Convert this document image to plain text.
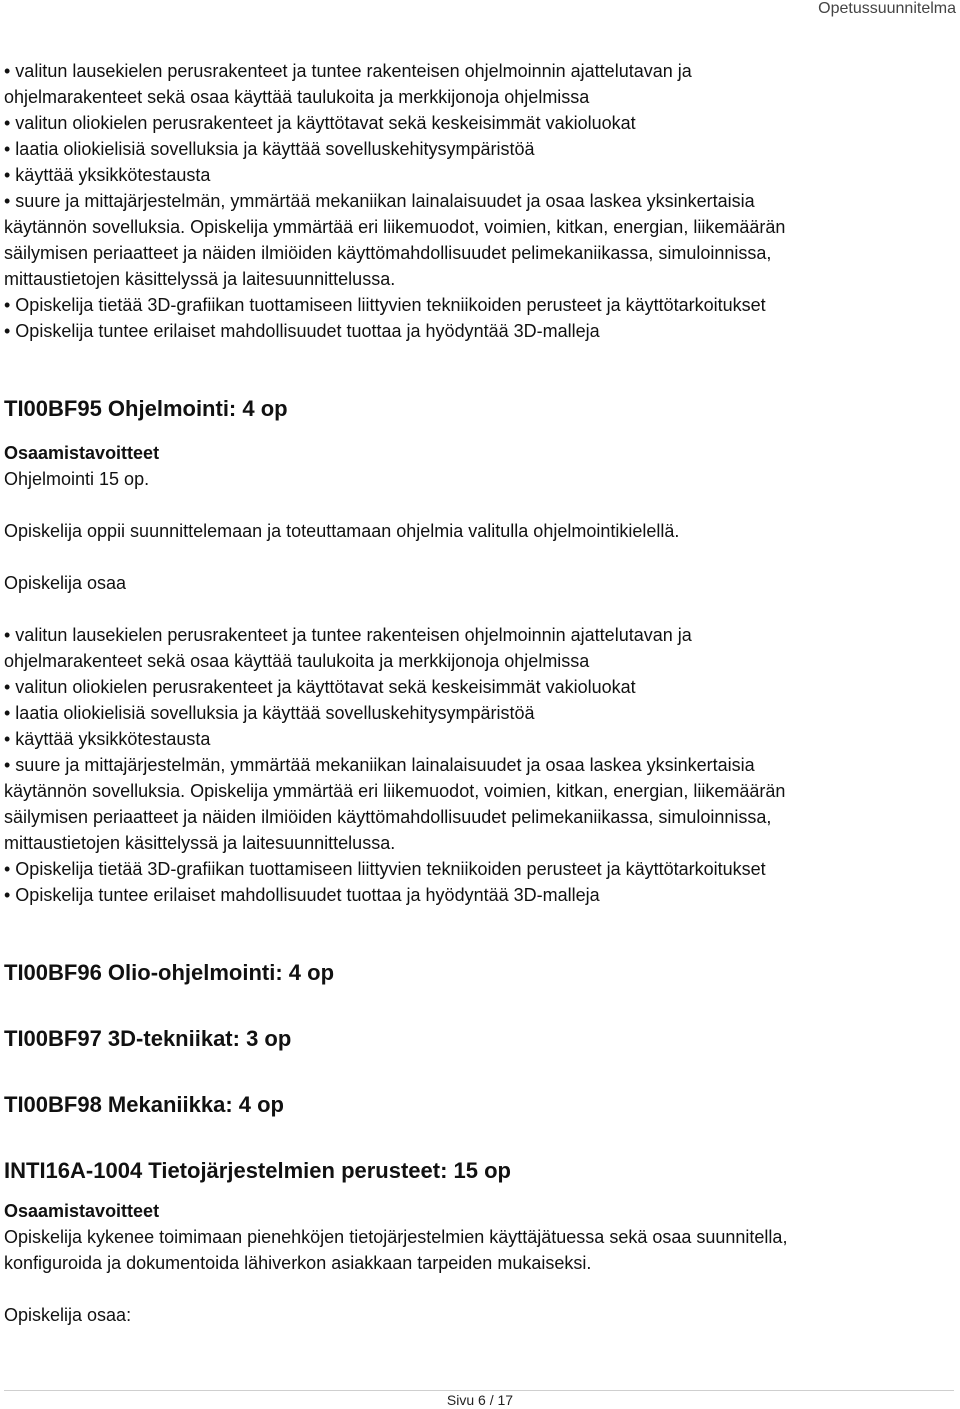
Opetussuunnitelma
• valitun lausekielen perusrakenteet ja tuntee rakenteisen ohjelmoinnin ajattelutavan ja
ohjelmarakenteet sekä osaa käyttää taulukoita ja merkkijonoja ohjelmissa
• valitun oliokielen perusrakenteet ja käyttötavat sekä keskeisimmät vakioluokat
• laatia oliokielisiä sovelluksia ja käyttää sovelluskehitysympäristöä
• käyttää yksikkötestausta
• suure ja mittajärjestelmän, ymmärtää mekaniikan lainalaisuudet ja osaa laskea yksinkertaisia
käytännön sovelluksia. Opiskelija ymmärtää eri liikemuodot, voimien, kitkan, energian, liikemäärän
säilymisen periaatteet ja näiden ilmiöiden käyttömahdollisuudet pelimekaniikassa, simuloinnissa,
mittaustietojen käsittelyssä ja laitesuunnittelussa.
• Opiskelija tietää 3D-grafiikan tuottamiseen liittyvien tekniikoiden perusteet ja käyttötarkoitukset
• Opiskelija tuntee erilaiset mahdollisuudet tuottaa ja hyödyntää 3D-malleja
TI00BF95 Ohjelmointi: 4 op
Osaamistavoitteet
Ohjelmointi 15 op.
Opiskelija oppii suunnittelemaan ja toteuttamaan ohjelmia valitulla ohjelmointikielellä.
Opiskelija osaa
• valitun lausekielen perusrakenteet ja tuntee rakenteisen ohjelmoinnin ajattelutavan ja
ohjelmarakenteet sekä osaa käyttää taulukoita ja merkkijonoja ohjelmissa
• valitun oliokielen perusrakenteet ja käyttötavat sekä keskeisimmät vakioluokat
• laatia oliokielisiä sovelluksia ja käyttää sovelluskehitysympäristöä
• käyttää yksikkötestausta
• suure ja mittajärjestelmän, ymmärtää mekaniikan lainalaisuudet ja osaa laskea yksinkertaisia
käytännön sovelluksia. Opiskelija ymmärtää eri liikemuodot, voimien, kitkan, energian, liikemäärän
säilymisen periaatteet ja näiden ilmiöiden käyttömahdollisuudet pelimekaniikassa, simuloinnissa,
mittaustietojen käsittelyssä ja laitesuunnittelussa.
• Opiskelija tietää 3D-grafiikan tuottamiseen liittyvien tekniikoiden perusteet ja käyttötarkoitukset
• Opiskelija tuntee erilaiset mahdollisuudet tuottaa ja hyödyntää 3D-malleja
TI00BF96 Olio-ohjelmointi: 4 op
TI00BF97 3D-tekniikat: 3 op
TI00BF98 Mekaniikka: 4 op
INTI16A-1004 Tietojärjestelmien perusteet: 15 op
Osaamistavoitteet
Opiskelija kykenee toimimaan pienehköjen tietojärjestelmien käyttäjätuessa sekä osaa suunnitella,
konfiguroida ja dokumentoida lähiverkon asiakkaan tarpeiden mukaiseksi.
Opiskelija osaa:
Sivu 6 / 17
